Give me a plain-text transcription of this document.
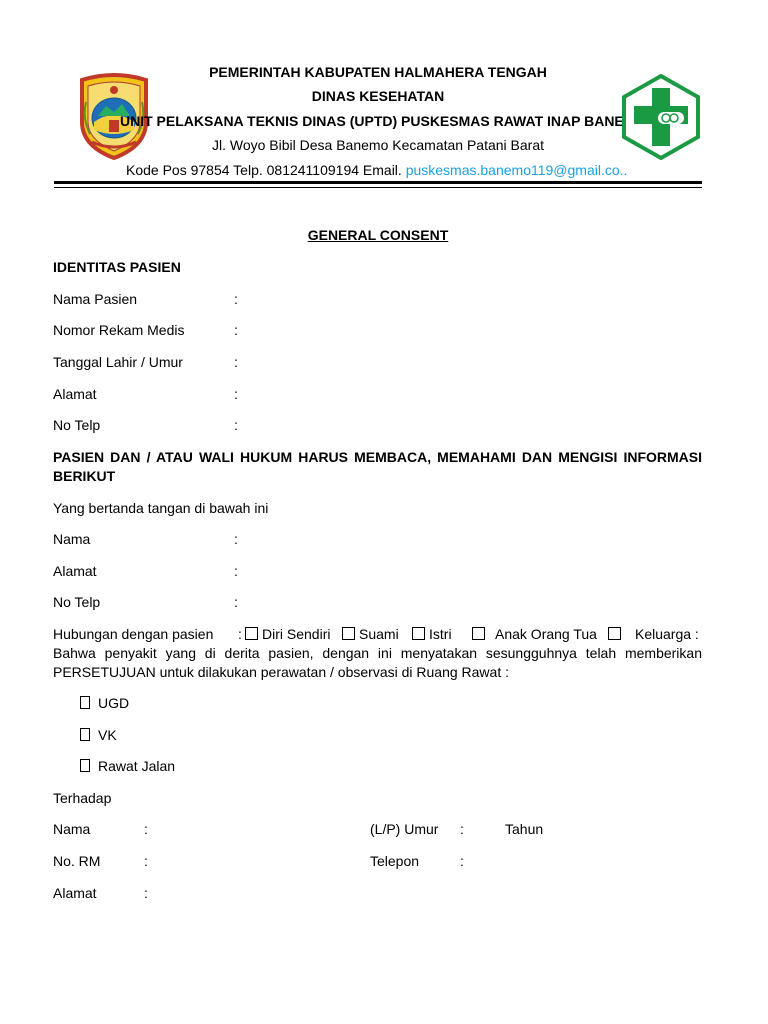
PEMERINTAH KABUPATEN HALMAHERA TENGAH
DINAS KESEHATAN
UNIT PELAKSANA TEKNIS DINAS (UPTD) PUSKESMAS RAWAT INAP BANE
Jl. Woyo Bibil Desa Banemo Kecamatan Patani Barat
Kode Pos 97854 Telp. 081241109194 Email. puskesmas.banemo119@gmail.co..
GENERAL CONSENT
IDENTITAS PASIEN
Nama Pasien	:
Nomor Rekam Medis	:
Tanggal Lahir / Umur	:
Alamat	:
No Telp	:
PASIEN DAN / ATAU WALI HUKUM HARUS MEMBACA, MEMAHAMI DAN MENGISI INFORMASI
BERIKUT
Yang bertanda tangan di bawah ini
Nama	:
Alamat	:
No Telp	:
Hubungan dengan pasien :	Diri Sendiri	Suami	Istri	Anak Orang Tua	Keluarga :
Bahwa penyakit yang di derita pasien, dengan ini menyatakan sesungguhnya telah memberikan
PERSETUJUAN untuk dilakukan perawatan / observasi di Ruang Rawat :
UGD
VK
Rawat Jalan
Terhadap
Nama	:	(L/P) Umur :	Tahun
No. RM	:	Telepon	:
Alamat	:
